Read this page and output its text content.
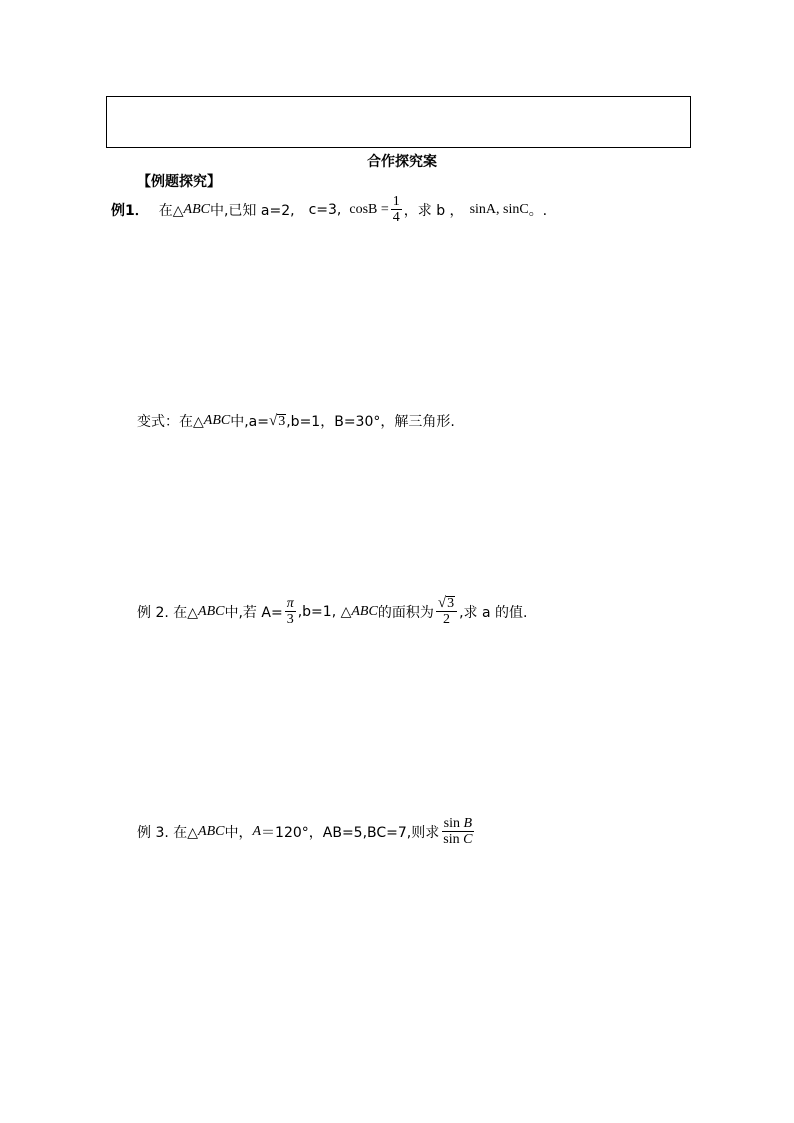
合作探究案
【例题探究】
例1． 在△ ABC 中,已知 a=2, c=3, $\cos B = \frac{1}{4}$ ，求 b ， sinA, sinC 。.
变式：在△ ABC 中,a= √ 3 ,b=1，B=30°，解三角形.
例 2. 在△ ABC 中,若 $A= \frac{\pi}{3} ,b=1$, △ ABC 的面积为 $\frac{√ 3}{2}$ ,求 a 的值.
例 3. 在△ ABC 中， A ＝120°，AB=5,BC=7,则求 $\frac{\text{sin B}}{\text{sin C}}$
